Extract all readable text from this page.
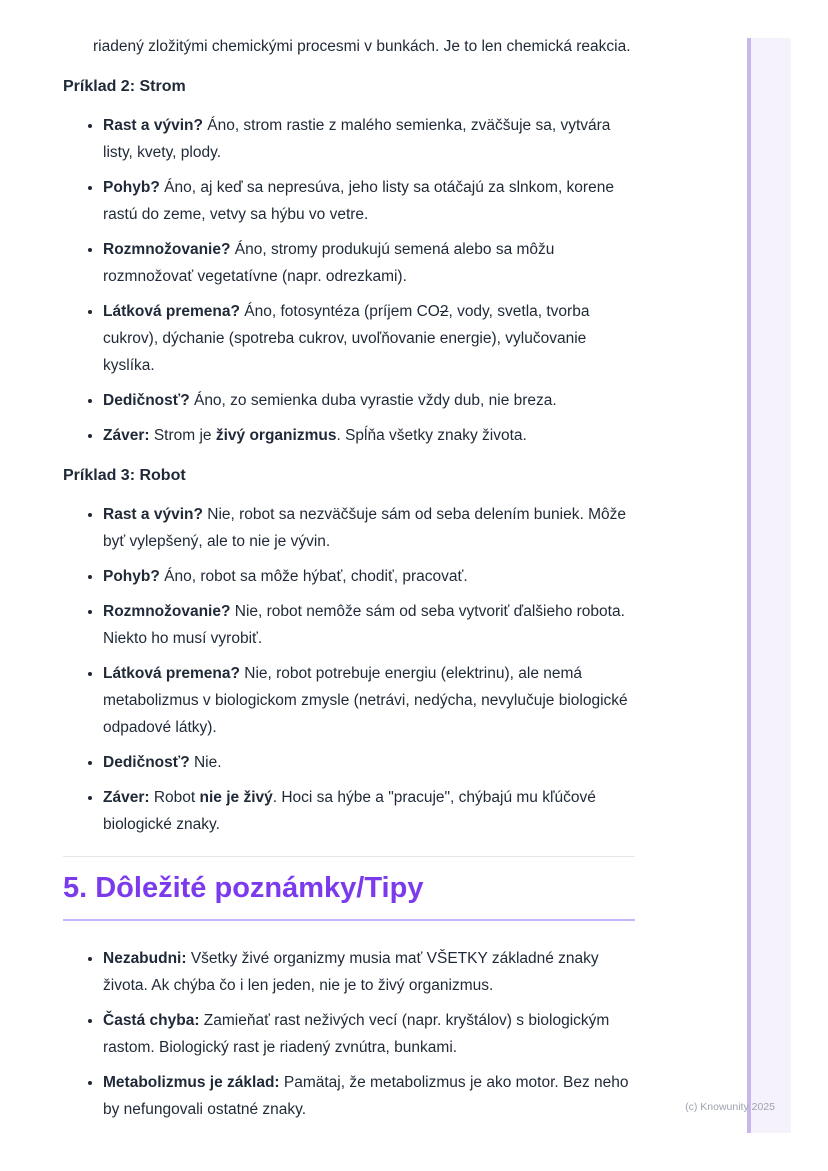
riadený zložitými chemickými procesmi v bunkách. Je to len chemická reakcia.

Príklad 2: Strom
• Rast a vývin? Áno, strom rastie z malého semienka, zväčšuje sa, vytvára listy, kvety, plody.
• Pohyb? Áno, aj keď sa nepresúva, jeho listy sa otáčajú za slnkom, korene rastú do zeme, vetvy sa hýbu vo vetre.
• Rozmnožovanie? Áno, stromy produkujú semená alebo sa môžu rozmnožovať vegetatívne (napr. odrezkami).
• Látková premena? Áno, fotosyntéza (príjem CO2, vody, svetla, tvorba cukrov), dýchanie (spotreba cukrov, uvoľňovanie energie), vylučovanie kyslíka.
• Dedičnosť? Áno, zo semienka duba vyrastie vždy dub, nie breza.
• Záver: Strom je živý organizmus. Spĺňa všetky znaky života.
Príklad 3: Robot
• Rast a vývin? Nie, robot sa nezväčšuje sám od seba delením buniek. Môže byť vylepšený, ale to nie je vývin.
• Pohyb? Áno, robot sa môže hýbať, chodiť, pracovať.
• Rozmnožovanie? Nie, robot nemôže sám od seba vytvoriť ďalšieho robota. Niekto ho musí vyrobiť.
• Látková premena? Nie, robot potrebuje energiu (elektrinu), ale nemá metabolizmus v biologickom zmysle (netrávi, nedýcha, nevylučuje biologické odpadové látky).
• Dedičnosť? Nie.
• Záver: Robot nie je živý. Hoci sa hýbe a "pracuje", chýbajú mu kľúčové biologické znaky.
5. Dôležité poznámky/Tipy
• Nezabudni: Všetky živé organizmy musia mať VŠETKY základné znaky života. Ak chýba čo i len jeden, nie je to živý organizmus.
• Častá chyba: Zamieňať rast neživých vecí (napr. kryštálov) s biologickým rastom. Biologický rast je riadený zvnútra, bunkami.
• Metabolizmus je základ: Pamätaj, že metabolizmus je ako motor. Bez neho by nefungovali ostatné znaky.	(c) Knowunity 2025
